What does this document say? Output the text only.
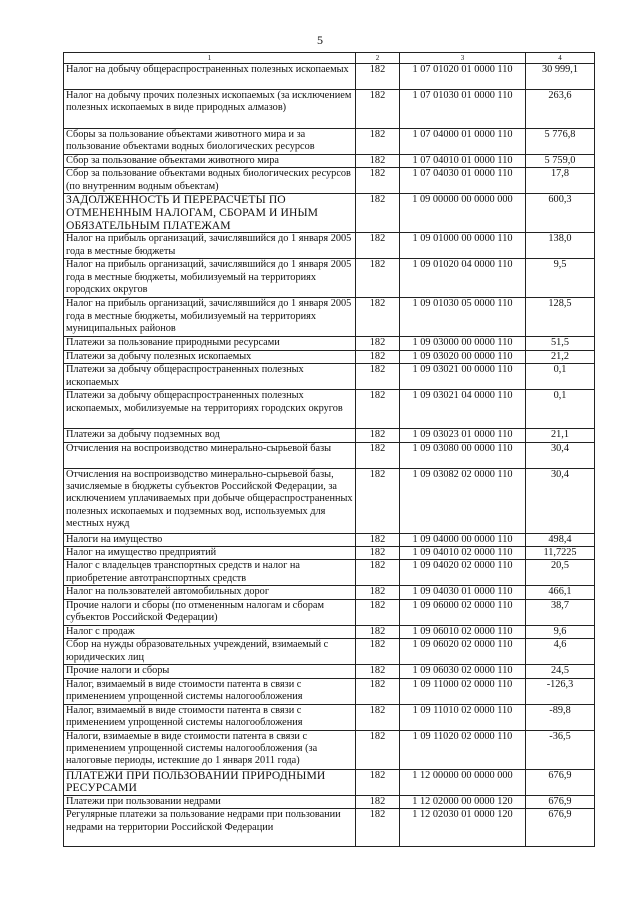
5
1	2	3	4
Налог на добычу общераспространенных полезных ископаемых	182	1 07 01020 01 0000 110	30 999,1
Налог на добычу прочих полезных ископаемых (за исключением полезных ископаемых в виде природных алмазов)	182	1 07 01030 01 0000 110	263,6
Сборы за пользование объектами животного мира и за пользование объектами водных биологических ресурсов	182	1 07 04000 01 0000 110	5 776,8
Сбор за пользование объектами животного мира	182	1 07 04010 01 0000 110	5 759,0
Сбор за пользование объектами водных биологических ресурсов (по внутренним водным объектам)	182	1 07 04030 01 0000 110	17,8
ЗАДОЛЖЕННОСТЬ И ПЕРЕРАСЧЕТЫ ПО ОТМЕНЕННЫМ НАЛОГАМ, СБОРАМ И ИНЫМ ОБЯЗАТЕЛЬНЫМ ПЛАТЕЖАМ	182	1 09 00000 00 0000 000	600,3
Налог на прибыль организаций, зачислявшийся до 1 января 2005 года в местные бюджеты	182	1 09 01000 00 0000 110	138,0
Налог на прибыль организаций, зачислявшийся до 1 января 2005 года в местные бюджеты, мобилизуемый на территориях городских округов	182	1 09 01020 04 0000 110	9,5
Налог на прибыль организаций, зачислявшийся до 1 января 2005 года в местные бюджеты, мобилизуемый на территориях муниципальных районов	182	1 09 01030 05 0000 110	128,5
Платежи за пользование природными ресурсами	182	1 09 03000 00 0000 110	51,5
Платежи за добычу полезных ископаемых	182	1 09 03020 00 0000 110	21,2
Платежи за добычу общераспространенных полезных ископаемых	182	1 09 03021 00 0000 110	0,1
Платежи за добычу общераспространенных полезных ископаемых, мобилизуемые на территориях городских округов	182	1 09 03021 04 0000 110	0,1
Платежи за добычу подземных вод	182	1 09 03023 01 0000 110	21,1
Отчисления на воспроизводство минерально-сырьевой базы	182	1 09 03080 00 0000 110	30,4
Отчисления на воспроизводство минерально-сырьевой базы, зачисляемые в бюджеты субъектов Российской Федерации, за исключением уплачиваемых при добыче общераспространенных полезных ископаемых и подземных вод, используемых для местных нужд	182	1 09 03082 02 0000 110	30,4
Налоги на имущество	182	1 09 04000 00 0000 110	498,4
Налог на имущество предприятий	182	1 09 04010 02 0000 110	11,7225
Налог с владельцев транспортных средств и налог на приобретение автотранспортных средств	182	1 09 04020 02 0000 110	20,5
Налог на пользователей автомобильных дорог	182	1 09 04030 01 0000 110	466,1
Прочие налоги и сборы (по отмененным налогам и сборам субъектов Российской Федерации)	182	1 09 06000 02 0000 110	38,7
Налог с продаж	182	1 09 06010 02 0000 110	9,6
Сбор на нужды образовательных учреждений, взимаемый с юридических лиц	182	1 09 06020 02 0000 110	4,6
Прочие налоги и сборы	182	1 09 06030 02 0000 110	24,5
Налог, взимаемый в виде стоимости патента в связи с применением упрощенной системы налогообложения	182	1 09 11000 02 0000 110	-126,3
Налог, взимаемый в виде стоимости патента в связи с применением упрощенной системы налогообложения	182	1 09 11010 02 0000 110	-89,8
Налоги, взимаемые в виде стоимости патента в связи с применением упрощенной системы налогообложения (за налоговые периоды, истекшие до 1 января 2011 года)	182	1 09 11020 02 0000 110	-36,5
ПЛАТЕЖИ ПРИ ПОЛЬЗОВАНИИ ПРИРОДНЫМИ РЕСУРСАМИ	182	1 12 00000 00 0000 000	676,9
Платежи при пользовании недрами	182	1 12 02000 00 0000 120	676,9
Регулярные платежи за пользование недрами при пользовании недрами на территории Российской Федерации	182	1 12 02030 01 0000 120	676,9
